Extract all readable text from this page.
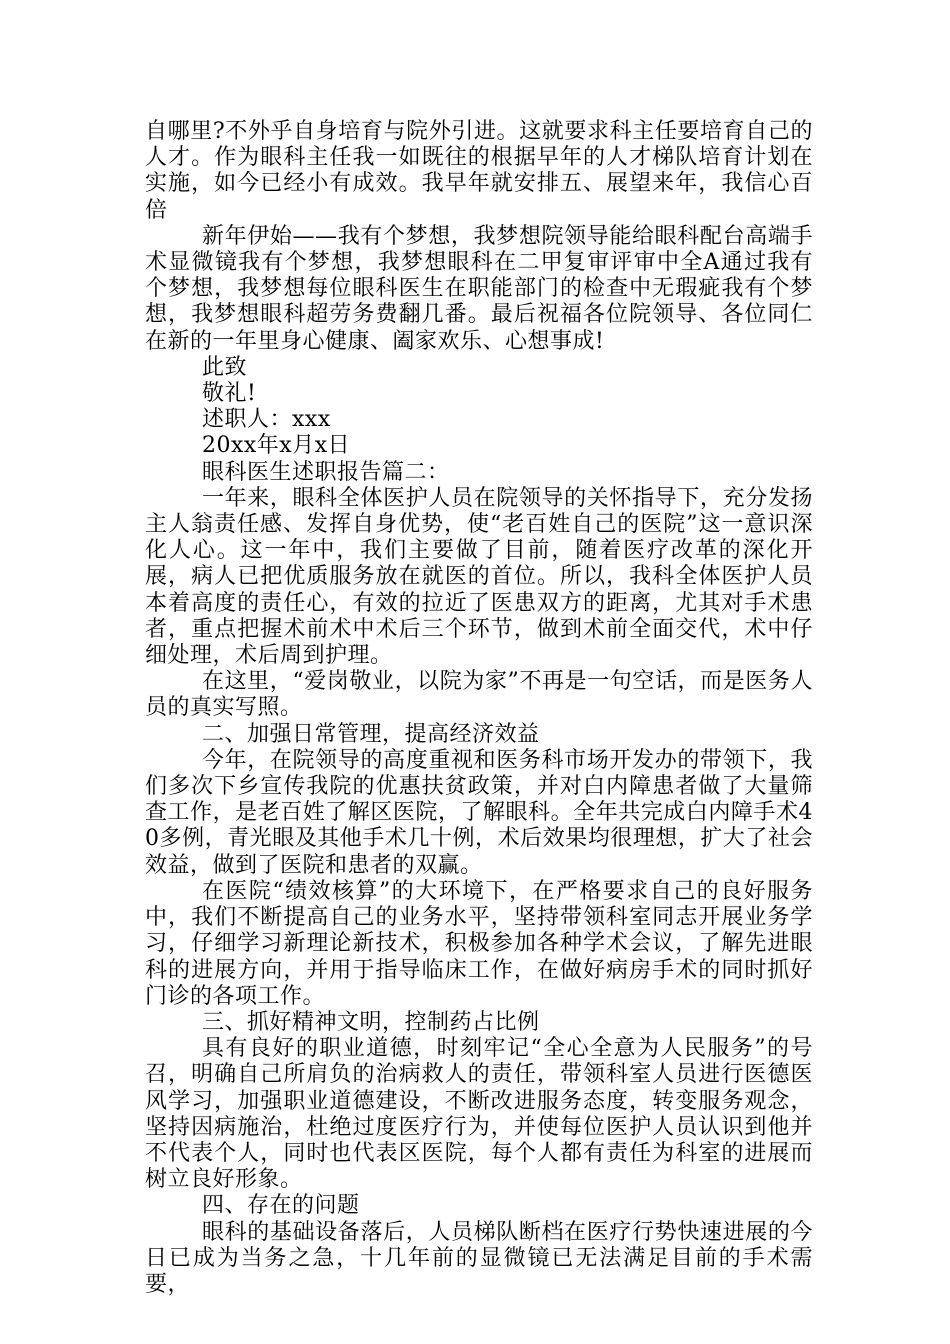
自哪里?不外乎自身培育与院外引进。这就要求科主任要培育自己的人才。作为眼科主任我一如既往的根据早年的人才梯队培育计划在实施，如今已经小有成效。我早年就安排五、展望来年，我信心百倍

新年伊始——我有个梦想，我梦想院领导能给眼科配台高端手术显微镜我有个梦想，我梦想眼科在二甲复审评审中全A通过我有个梦想，我梦想每位眼科医生在职能部门的检查中无瑕疵我有个梦想，我梦想眼科超劳务费翻几番。最后祝福各位院领导、各位同仁在新的一年里身心健康、阖家欢乐、心想事成!

此致

敬礼!

述职人：xxx

20xx年x月x日

眼科医生述职报告篇二：

一年来，眼科全体医护人员在院领导的关怀指导下，充分发扬主人翁责任感、发挥自身优势，使“老百姓自己的医院”这一意识深化人心。这一年中，我们主要做了目前，随着医疗改革的深化开展，病人已把优质服务放在就医的首位。所以，我科全体医护人员本着高度的责任心，有效的拉近了医患双方的距离，尤其对手术患者，重点把握术前术中术后三个环节，做到术前全面交代，术中仔细处理，术后周到护理。

在这里，“爱岗敬业，以院为家”不再是一句空话，而是医务人员的真实写照。

二、加强日常管理，提高经济效益

今年，在院领导的高度重视和医务科市场开发办的带领下，我们多次下乡宣传我院的优惠扶贫政策，并对白内障患者做了大量筛查工作，是老百姓了解区医院，了解眼科。全年共完成白内障手术40多例，青光眼及其他手术几十例，术后效果均很理想，扩大了社会效益，做到了医院和患者的双赢。

在医院“绩效核算”的大环境下，在严格要求自己的良好服务中，我们不断提高自己的业务水平，坚持带领科室同志开展业务学习，仔细学习新理论新技术，积极参加各种学术会议，了解先进眼科的进展方向，并用于指导临床工作，在做好病房手术的同时抓好门诊的各项工作。

三、抓好精神文明，控制药占比例

具有良好的职业道德，时刻牢记“全心全意为人民服务”的号召，明确自己所肩负的治病救人的责任，带领科室人员进行医德医风学习，加强职业道德建设，不断改进服务态度，转变服务观念，坚持因病施治，杜绝过度医疗行为，并使每位医护人员认识到他并不代表个人，同时也代表区医院，每个人都有责任为科室的进展而树立良好形象。

四、存在的问题

眼科的基础设备落后，人员梯队断档在医疗行势快速进展的今日已成为当务之急，十几年前的显微镜已无法满足目前的手术需要，
